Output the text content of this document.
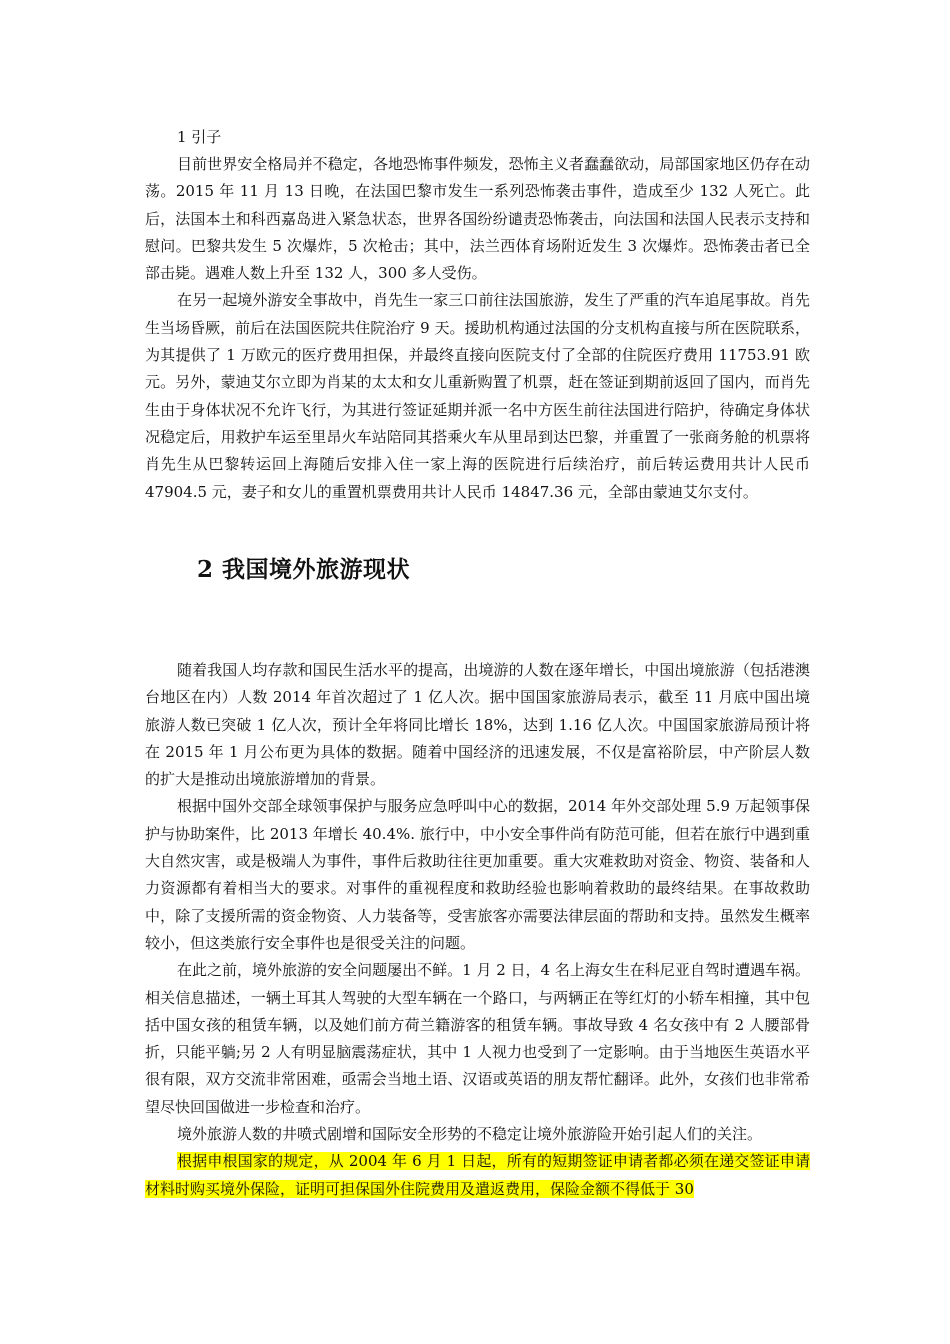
1 引子

目前世界安全格局并不稳定，各地恐怖事件频发，恐怖主义者蠢蠢欲动，局部国家地区仍存在动荡。2015 年 11 月 13 日晚，在法国巴黎市发生一系列恐怖袭击事件，造成至少 132 人死亡。此后，法国本土和科西嘉岛进入紧急状态，世界各国纷纷谴责恐怖袭击，向法国和法国人民表示支持和慰问。巴黎共发生 5 次爆炸，5 次枪击；其中，法兰西体育场附近发生 3 次爆炸。恐怖袭击者已全部击毙。遇难人数上升至 132 人，300 多人受伤。

在另一起境外游安全事故中，肖先生一家三口前往法国旅游，发生了严重的汽车追尾事故。肖先生当场昏厥，前后在法国医院共住院治疗 9 天。援助机构通过法国的分支机构直接与所在医院联系，为其提供了 1 万欧元的医疗费用担保，并最终直接向医院支付了全部的住院医疗费用 11753.91 欧元。另外，蒙迪艾尔立即为肖某的太太和女儿重新购置了机票，赶在签证到期前返回了国内，而肖先生由于身体状况不允许飞行，为其进行签证延期并派一名中方医生前往法国进行陪护，待确定身体状况稳定后，用救护车运至里昂火车站陪同其搭乘火车从里昂到达巴黎，并重置了一张商务舱的机票将肖先生从巴黎转运回上海随后安排入住一家上海的医院进行后续治疗，前后转运费用共计人民币 47904.5 元，妻子和女儿的重置机票费用共计人民币 14847.36 元，全部由蒙迪艾尔支付。

2 我国境外旅游现状

随着我国人均存款和国民生活水平的提高，出境游的人数在逐年增长，中国出境旅游（包括港澳台地区在内）人数 2014 年首次超过了 1 亿人次。据中国国家旅游局表示，截至 11 月底中国出境旅游人数已突破 1 亿人次，预计全年将同比增长 18%，达到 1.16 亿人次。中国国家旅游局预计将在 2015 年 1 月公布更为具体的数据。随着中国经济的迅速发展，不仅是富裕阶层，中产阶层人数的扩大是推动出境旅游增加的背景。

根据中国外交部全球领事保护与服务应急呼叫中心的数据，2014 年外交部处理 5.9 万起领事保护与协助案件，比 2013 年增长 40.4%. 旅行中，中小安全事件尚有防范可能，但若在旅行中遇到重大自然灾害，或是极端人为事件，事件后救助往往更加重要。重大灾难救助对资金、物资、装备和人力资源都有着相当大的要求。对事件的重视程度和救助经验也影响着救助的最终结果。在事故救助中，除了支援所需的资金物资、人力装备等，受害旅客亦需要法律层面的帮助和支持。虽然发生概率较小，但这类旅行安全事件也是很受关注的问题。

在此之前，境外旅游的安全问题屡出不鲜。1 月 2 日，4 名上海女生在科尼亚自驾时遭遇车祸。相关信息描述，一辆土耳其人驾驶的大型车辆在一个路口，与两辆正在等红灯的小轿车相撞，其中包括中国女孩的租赁车辆，以及她们前方荷兰籍游客的租赁车辆。事故导致 4 名女孩中有 2 人腰部骨折，只能平躺;另 2 人有明显脑震荡症状，其中 1 人视力也受到了一定影响。由于当地医生英语水平很有限，双方交流非常困难，亟需会当地土语、汉语或英语的朋友帮忙翻译。此外，女孩们也非常希望尽快回国做进一步检查和治疗。

境外旅游人数的井喷式剧增和国际安全形势的不稳定让境外旅游险开始引起人们的关注。

根据申根国家的规定，从 2004 年 6 月 1 日起，所有的短期签证申请者都必须在递交签证申请材料时购买境外保险，证明可担保国外住院费用及遣返费用，保险金额不得低于 30
